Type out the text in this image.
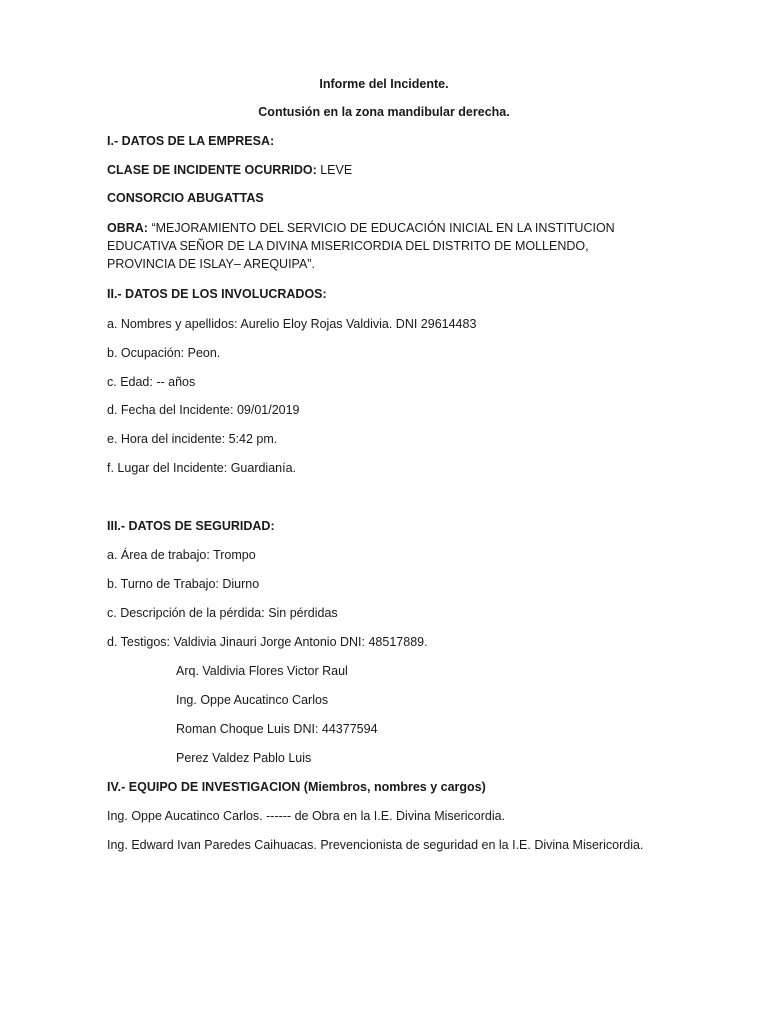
Informe del Incidente.
Contusión en la zona mandibular derecha.
I.- DATOS DE LA EMPRESA:
CLASE DE INCIDENTE OCURRIDO: LEVE
CONSORCIO ABUGATTAS
OBRA: “MEJORAMIENTO DEL SERVICIO DE EDUCACIÓN INICIAL EN LA INSTITUCION EDUCATIVA SEÑOR DE LA DIVINA MISERICORDIA DEL DISTRITO DE MOLLENDO, PROVINCIA DE ISLAY– AREQUIPA”.
II.- DATOS DE LOS INVOLUCRADOS:
a. Nombres y apellidos: Aurelio Eloy Rojas Valdivia. DNI 29614483
b. Ocupación: Peon.
c. Edad: -- años
d. Fecha del Incidente: 09/01/2019
e. Hora del incidente: 5:42 pm.
f. Lugar del Incidente: Guardianía.
III.- DATOS DE SEGURIDAD:
a. Área de trabajo: Trompo
b. Turno de Trabajo: Diurno
c. Descripción de la pérdida: Sin pérdidas
d. Testigos: Valdivia Jinauri Jorge Antonio DNI: 48517889.
Arq. Valdivia Flores Victor Raul
Ing. Oppe Aucatinco Carlos
Roman Choque Luis DNI: 44377594
Perez Valdez Pablo Luis
IV.- EQUIPO DE INVESTIGACION (Miembros, nombres y cargos)
Ing. Oppe Aucatinco Carlos. ------ de Obra en la I.E. Divina Misericordia.
Ing. Edward Ivan Paredes Caihuacas. Prevencionista de seguridad en la I.E. Divina Misericordia.
